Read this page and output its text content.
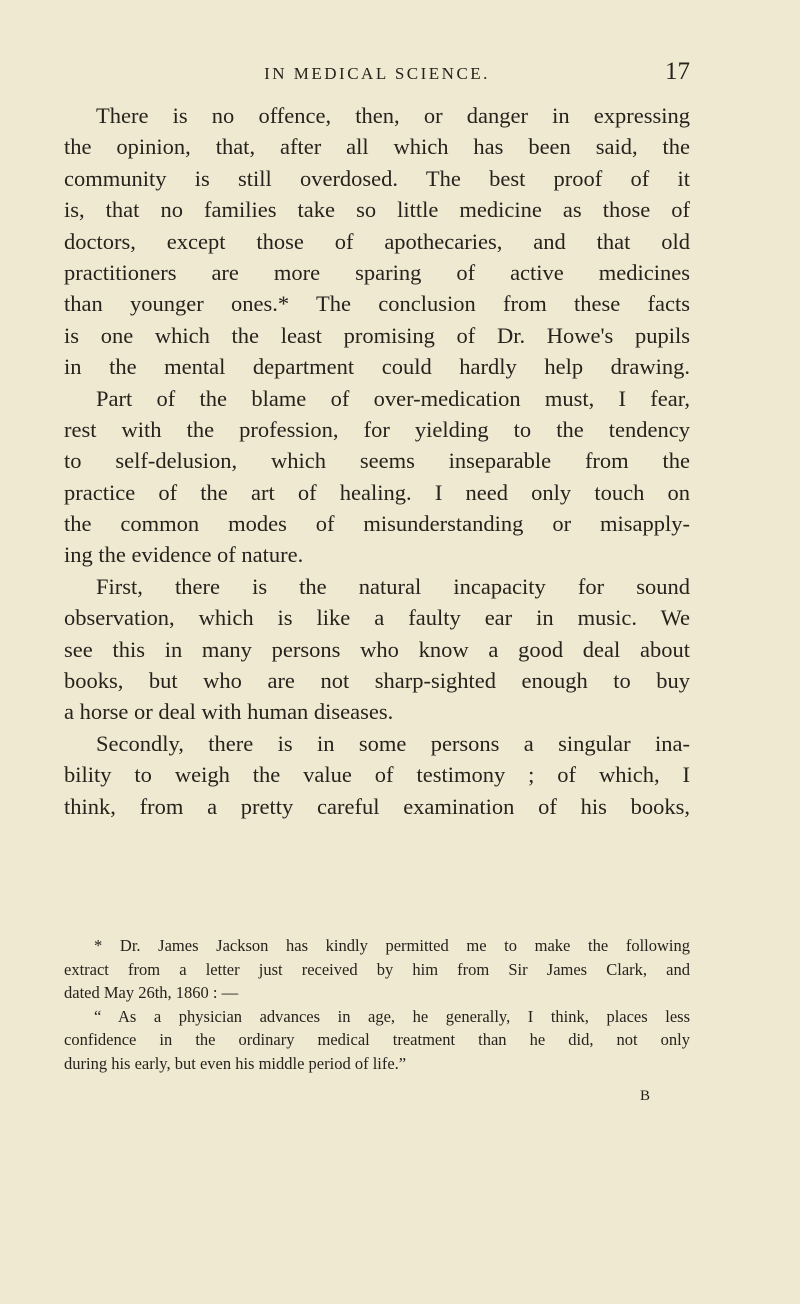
IN MEDICAL SCIENCE.	17
There is no offence, then, or danger in expressing
the opinion, that, after all which has been said, the
community is still overdosed. The best proof of it
is, that no families take so little medicine as those of
doctors, except those of apothecaries, and that old
practitioners are more sparing of active medicines
than younger ones.* The conclusion from these facts
is one which the least promising of Dr. Howe's pupils
in the mental department could hardly help drawing.
Part of the blame of over-medication must, I fear,
rest with the profession, for yielding to the tendency
to self-delusion, which seems inseparable from the
practice of the art of healing. I need only touch on
the common modes of misunderstanding or misapply-
ing the evidence of nature.
First, there is the natural incapacity for sound
observation, which is like a faulty ear in music. We
see this in many persons who know a good deal about
books, but who are not sharp-sighted enough to buy
a horse or deal with human diseases.
Secondly, there is in some persons a singular ina-
bility to weigh the value of testimony ; of which, I
think, from a pretty careful examination of his books,
* Dr. James Jackson has kindly permitted me to make the following
extract from a letter just received by him from Sir James Clark, and
dated May 26th, 1860 : —
“ As a physician advances in age, he generally, I think, places less
confidence in the ordinary medical treatment than he did, not only
during his early, but even his middle period of life.”
B
